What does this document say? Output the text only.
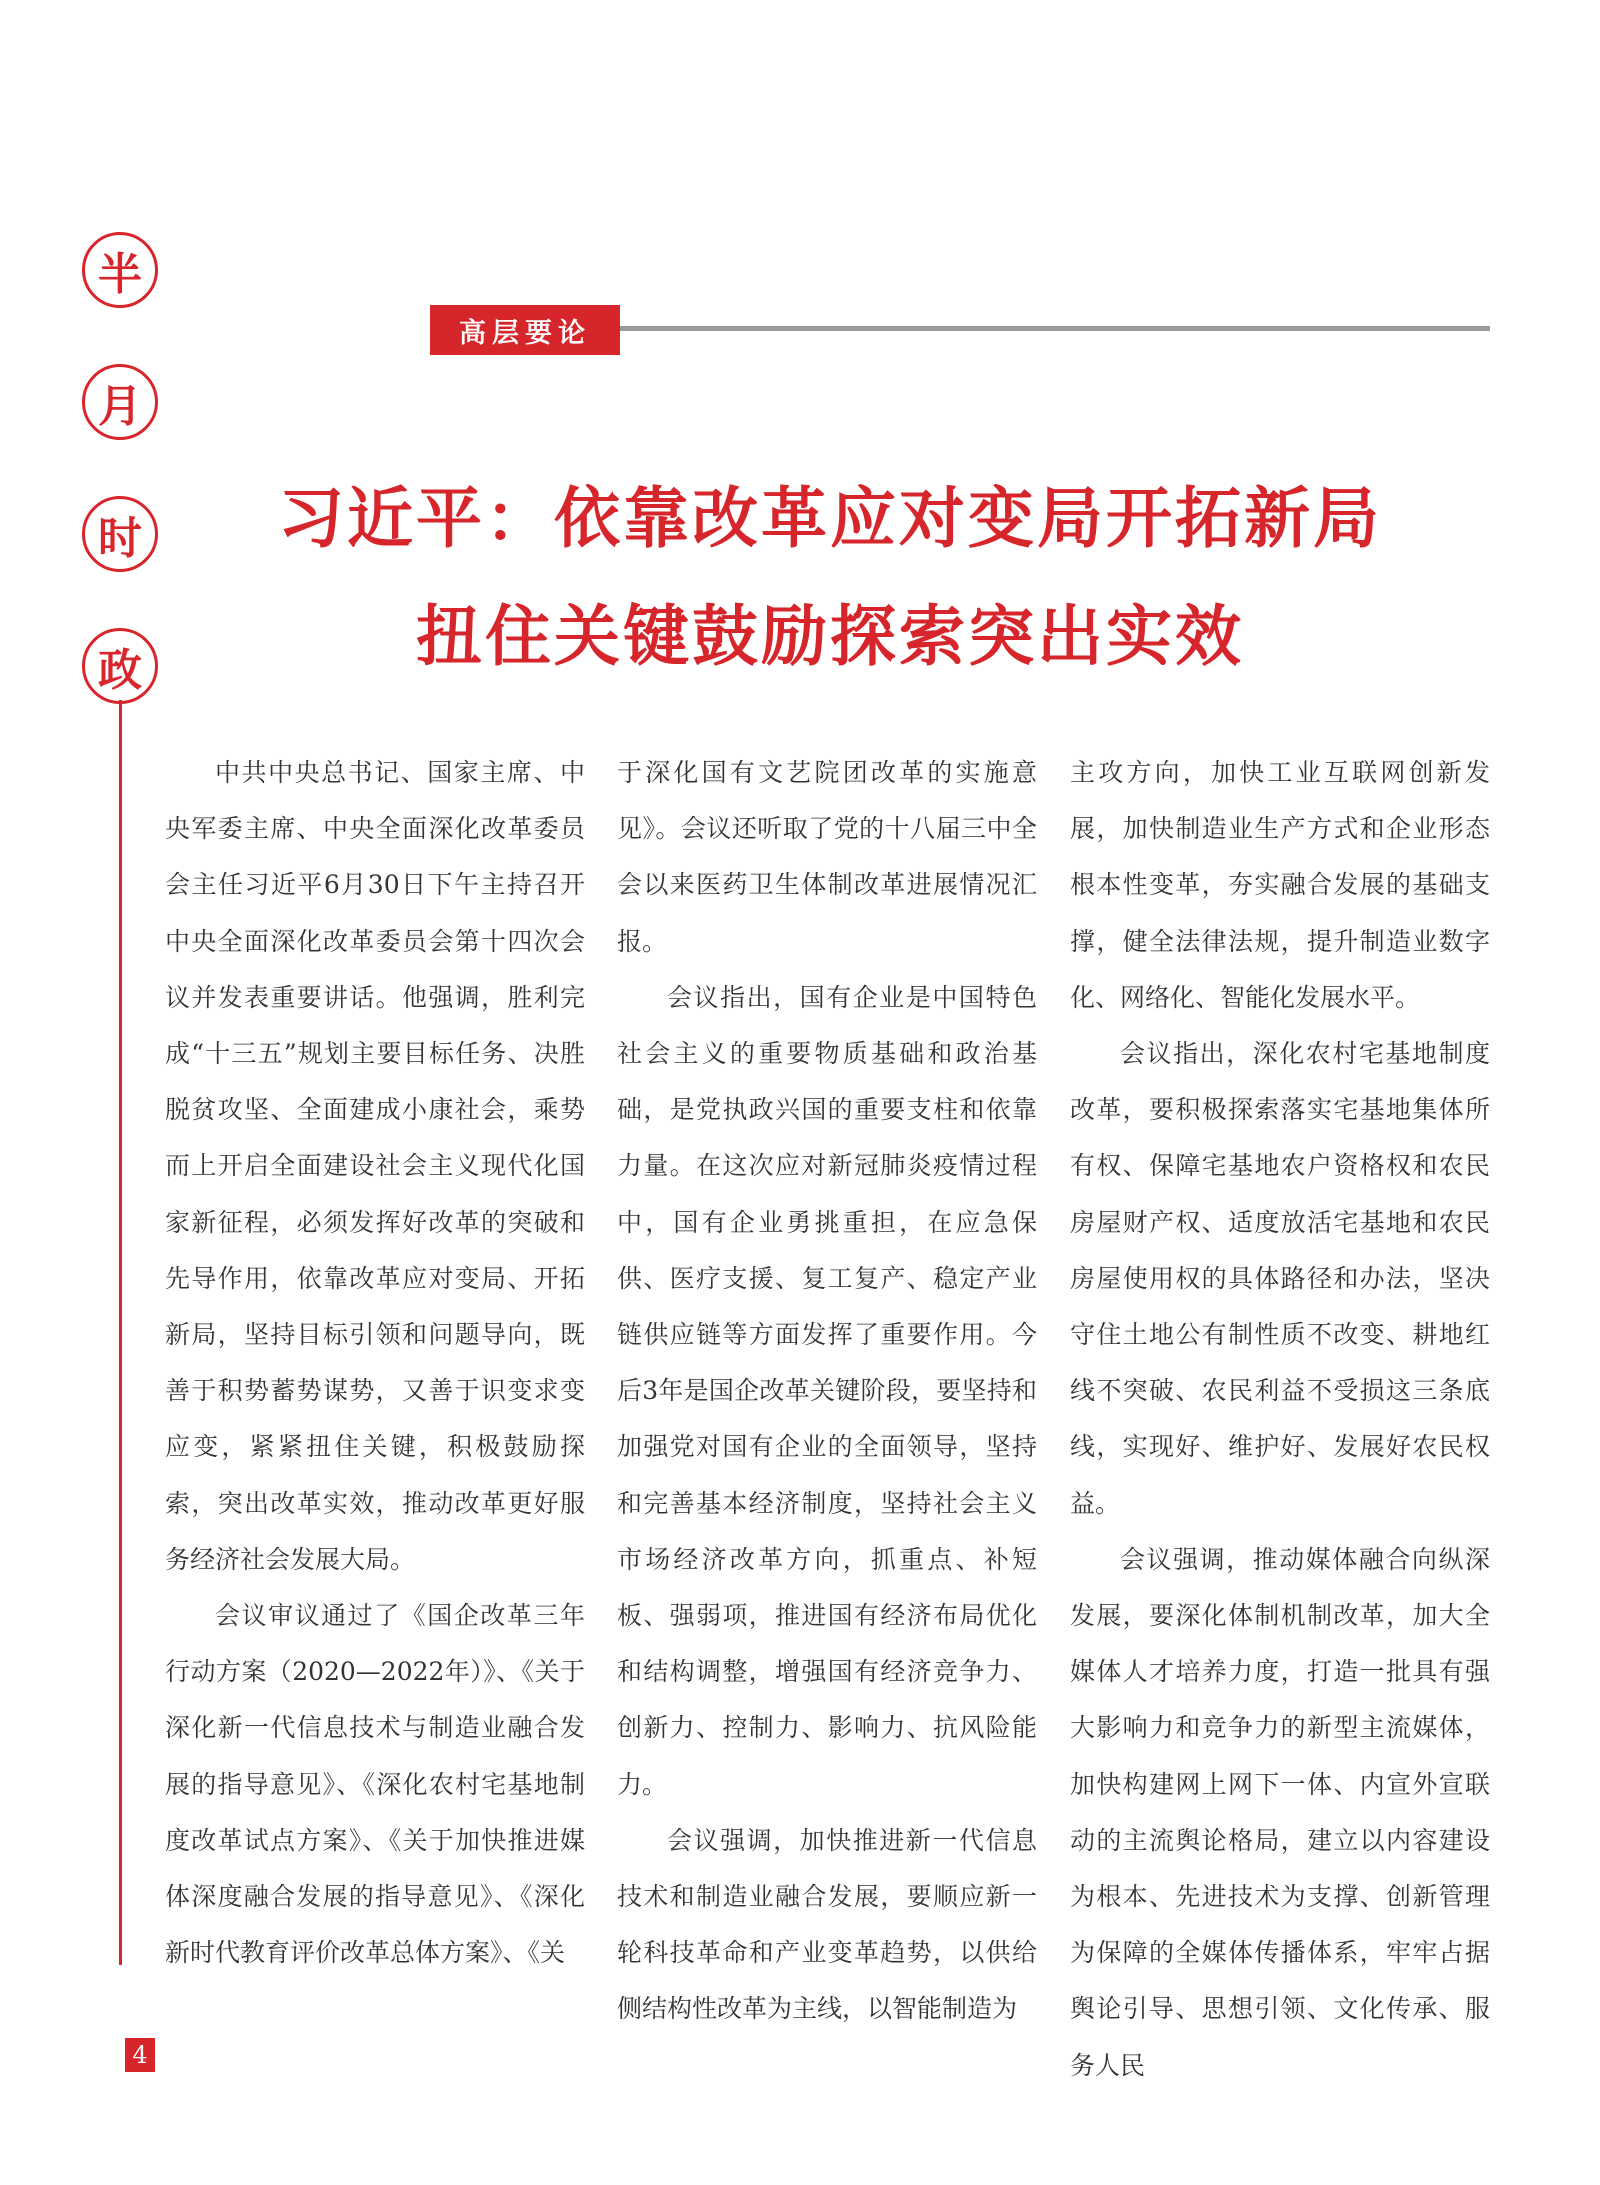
半
月
时
政
高层要论
习近平：依靠改革应对变局开拓新局
扭住关键鼓励探索突出实效

中共中央总书记、国家主席、中央军委主席、中央全面深化改革委员会主任习近平6月30日下午主持召开中央全面深化改革委员会第十四次会议并发表重要讲话。他强调，胜利完成“十三五”规划主要目标任务、决胜脱贫攻坚、全面建成小康社会，乘势而上开启全面建设社会主义现代化国家新征程，必须发挥好改革的突破和先导作用，依靠改革应对变局、开拓新局，坚持目标引领和问题导向，既善于积势蓄势谋势，又善于识变求变应变，紧紧扭住关键，积极鼓励探索，突出改革实效，推动改革更好服务经济社会发展大局。

会议审议通过了《国企改革三年行动方案（2020—2022年）》、《关于深化新一代信息技术与制造业融合发展的指导意见》、《深化农村宅基地制度改革试点方案》、《关于加快推进媒体深度融合发展的指导意见》、《深化新时代教育评价改革总体方案》、《关

于深化国有文艺院团改革的实施意见》。会议还听取了党的十八届三中全会以来医药卫生体制改革进展情况汇报。

会议指出，国有企业是中国特色社会主义的重要物质基础和政治基础，是党执政兴国的重要支柱和依靠力量。在这次应对新冠肺炎疫情过程中，国有企业勇挑重担，在应急保供、医疗支援、复工复产、稳定产业链供应链等方面发挥了重要作用。今后3年是国企改革关键阶段，要坚持和加强党对国有企业的全面领导，坚持和完善基本经济制度，坚持社会主义市场经济改革方向，抓重点、补短板、强弱项，推进国有经济布局优化和结构调整，增强国有经济竞争力、创新力、控制力、影响力、抗风险能力。

会议强调，加快推进新一代信息技术和制造业融合发展，要顺应新一轮科技革命和产业变革趋势，以供给侧结构性改革为主线，以智能制造为

主攻方向，加快工业互联网创新发展，加快制造业生产方式和企业形态根本性变革，夯实融合发展的基础支撑，健全法律法规，提升制造业数字化、网络化、智能化发展水平。

会议指出，深化农村宅基地制度改革，要积极探索落实宅基地集体所有权、保障宅基地农户资格权和农民房屋财产权、适度放活宅基地和农民房屋使用权的具体路径和办法，坚决守住土地公有制性质不改变、耕地红线不突破、农民利益不受损这三条底线，实现好、维护好、发展好农民权益。

会议强调，推动媒体融合向纵深发展，要深化体制机制改革，加大全媒体人才培养力度，打造一批具有强大影响力和竞争力的新型主流媒体，加快构建网上网下一体、内宣外宣联动的主流舆论格局，建立以内容建设为根本、先进技术为支撑、创新管理为保障的全媒体传播体系，牢牢占据舆论引导、思想引领、文化传承、服务人民

4
